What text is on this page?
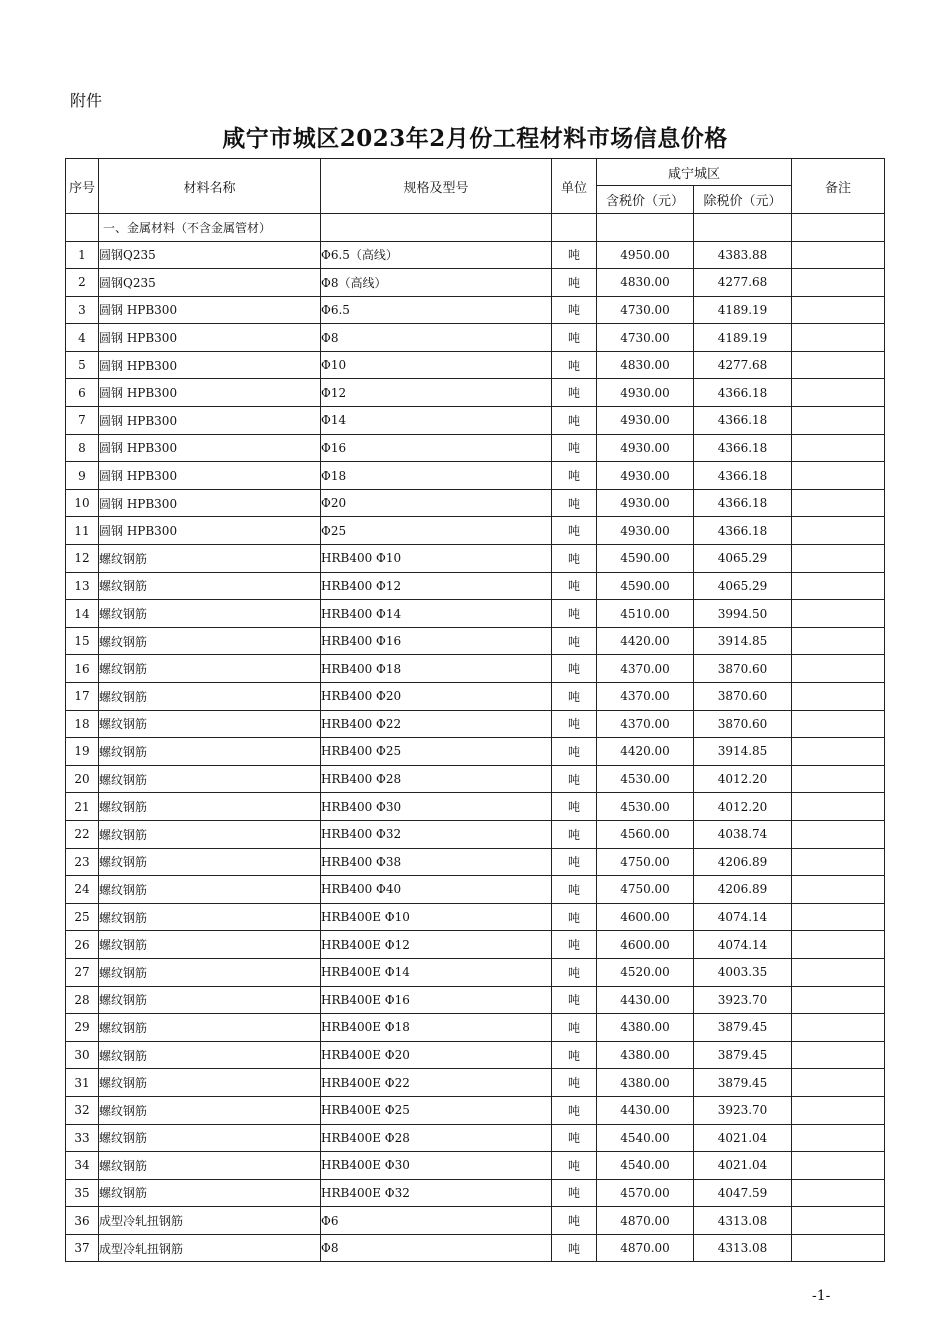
附件
咸宁市城区2023年2月份工程材料市场信息价格
序号	材料名称	规格及型号	单位	咸宁城区		备注
				含税价（元）	除税价（元）	
	一、金属材料（不含金属管材）					
1	圆钢Q235	Φ6.5（高线）	吨	4950.00	4383.88	
2	圆钢Q235	Φ8（高线）	吨	4830.00	4277.68	
3	圆钢 HPB300	Φ6.5	吨	4730.00	4189.19	
4	圆钢 HPB300	Φ8	吨	4730.00	4189.19	
5	圆钢 HPB300	Φ10	吨	4830.00	4277.68	
6	圆钢 HPB300	Φ12	吨	4930.00	4366.18	
7	圆钢 HPB300	Φ14	吨	4930.00	4366.18	
8	圆钢 HPB300	Φ16	吨	4930.00	4366.18	
9	圆钢 HPB300	Φ18	吨	4930.00	4366.18	
10	圆钢 HPB300	Φ20	吨	4930.00	4366.18	
11	圆钢 HPB300	Φ25	吨	4930.00	4366.18	
12	螺纹钢筋	HRB400 Φ10	吨	4590.00	4065.29	
13	螺纹钢筋	HRB400 Φ12	吨	4590.00	4065.29	
14	螺纹钢筋	HRB400 Φ14	吨	4510.00	3994.50	
15	螺纹钢筋	HRB400 Φ16	吨	4420.00	3914.85	
16	螺纹钢筋	HRB400 Φ18	吨	4370.00	3870.60	
17	螺纹钢筋	HRB400 Φ20	吨	4370.00	3870.60	
18	螺纹钢筋	HRB400 Φ22	吨	4370.00	3870.60	
19	螺纹钢筋	HRB400 Φ25	吨	4420.00	3914.85	
20	螺纹钢筋	HRB400 Φ28	吨	4530.00	4012.20	
21	螺纹钢筋	HRB400 Φ30	吨	4530.00	4012.20	
22	螺纹钢筋	HRB400 Φ32	吨	4560.00	4038.74	
23	螺纹钢筋	HRB400 Φ38	吨	4750.00	4206.89	
24	螺纹钢筋	HRB400 Φ40	吨	4750.00	4206.89	
25	螺纹钢筋	HRB400E Φ10	吨	4600.00	4074.14	
26	螺纹钢筋	HRB400E Φ12	吨	4600.00	4074.14	
27	螺纹钢筋	HRB400E Φ14	吨	4520.00	4003.35	
28	螺纹钢筋	HRB400E Φ16	吨	4430.00	3923.70	
29	螺纹钢筋	HRB400E Φ18	吨	4380.00	3879.45	
30	螺纹钢筋	HRB400E Φ20	吨	4380.00	3879.45	
31	螺纹钢筋	HRB400E Φ22	吨	4380.00	3879.45	
32	螺纹钢筋	HRB400E Φ25	吨	4430.00	3923.70	
33	螺纹钢筋	HRB400E Φ28	吨	4540.00	4021.04	
34	螺纹钢筋	HRB400E Φ30	吨	4540.00	4021.04	
35	螺纹钢筋	HRB400E Φ32	吨	4570.00	4047.59	
36	成型冷轧扭钢筋	Φ6	吨	4870.00	4313.08	
37	成型冷轧扭钢筋	Φ8	吨	4870.00	4313.08	
-1-
